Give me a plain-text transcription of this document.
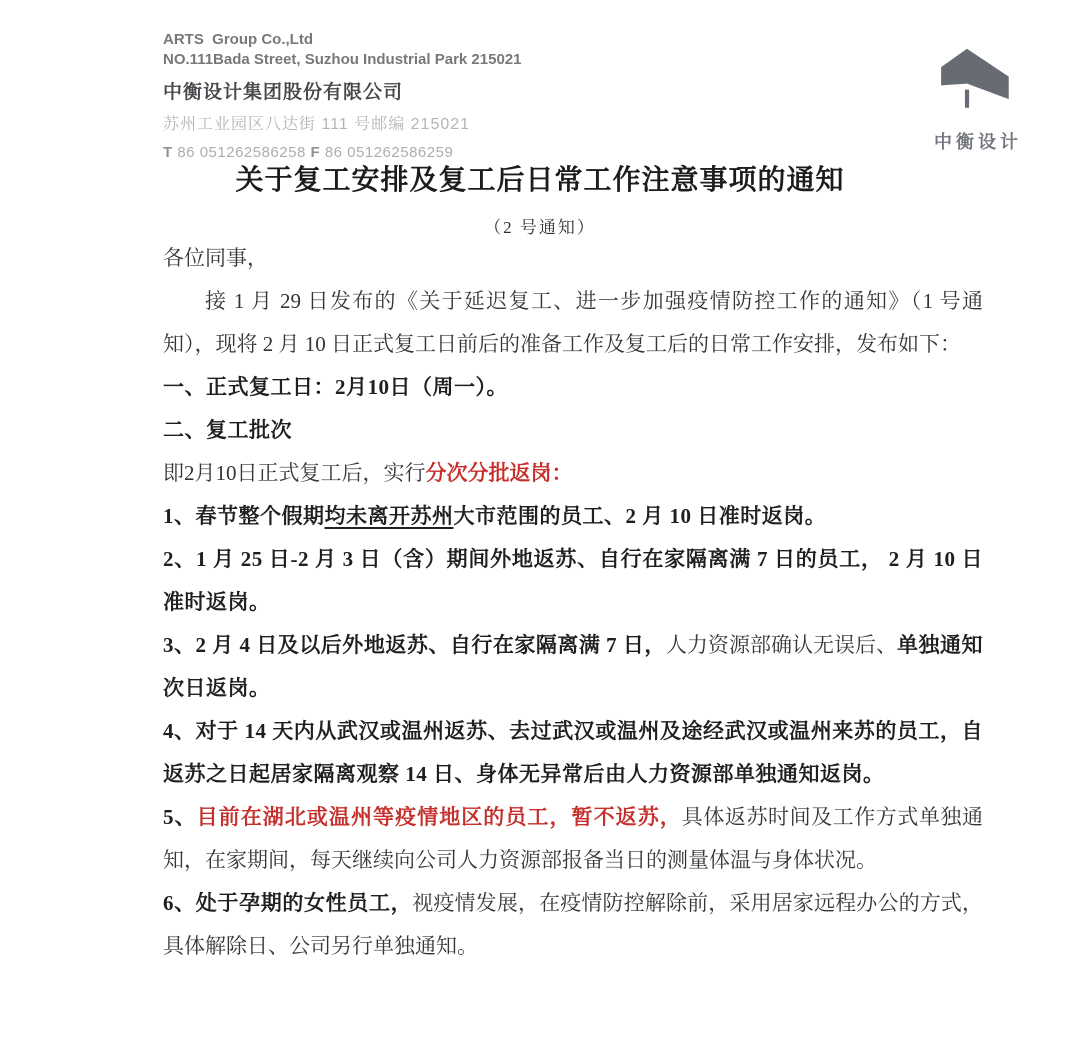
ARTS  Group Co.,Ltd
NO.111Bada Street, Suzhou Industrial Park 215021
中衡设计集团股份有限公司
苏州工业园区八达街 111 号邮编 215021
T 86 051262586258 F 86 051262586259
中衡设计
关于复工安排及复工后日常工作注意事项的通知
（2 号通知）

各位同事，

接 1 月 29 日发布的《关于延迟复工、进一步加强疫情防控工作的通知》（1 号通知），现将 2 月 10 日正式复工日前后的准备工作及复工后的日常工作安排，发布如下：

一、正式复工日：2月10日（周一）。

二、复工批次

即2月10日正式复工后，实行分次分批返岗：

1、春节整个假期均未离开苏州大市范围的员工、2 月 10 日准时返岗。

2、1 月 25 日-2 月 3 日（含）期间外地返苏、自行在家隔离满 7 日的员工， 2 月 10 日准时返岗。

3、2 月 4 日及以后外地返苏、自行在家隔离满 7 日，人力资源部确认无误后、单独通知次日返岗。

4、对于 14 天内从武汉或温州返苏、去过武汉或温州及途经武汉或温州来苏的员工，自返苏之日起居家隔离观察 14 日、身体无异常后由人力资源部单独通知返岗。

5、目前在湖北或温州等疫情地区的员工，暂不返苏，具体返苏时间及工作方式单独通知，在家期间，每天继续向公司人力资源部报备当日的测量体温与身体状况。

6、处于孕期的女性员工，视疫情发展，在疫情防控解除前，采用居家远程办公的方式，具体解除日、公司另行单独通知。
